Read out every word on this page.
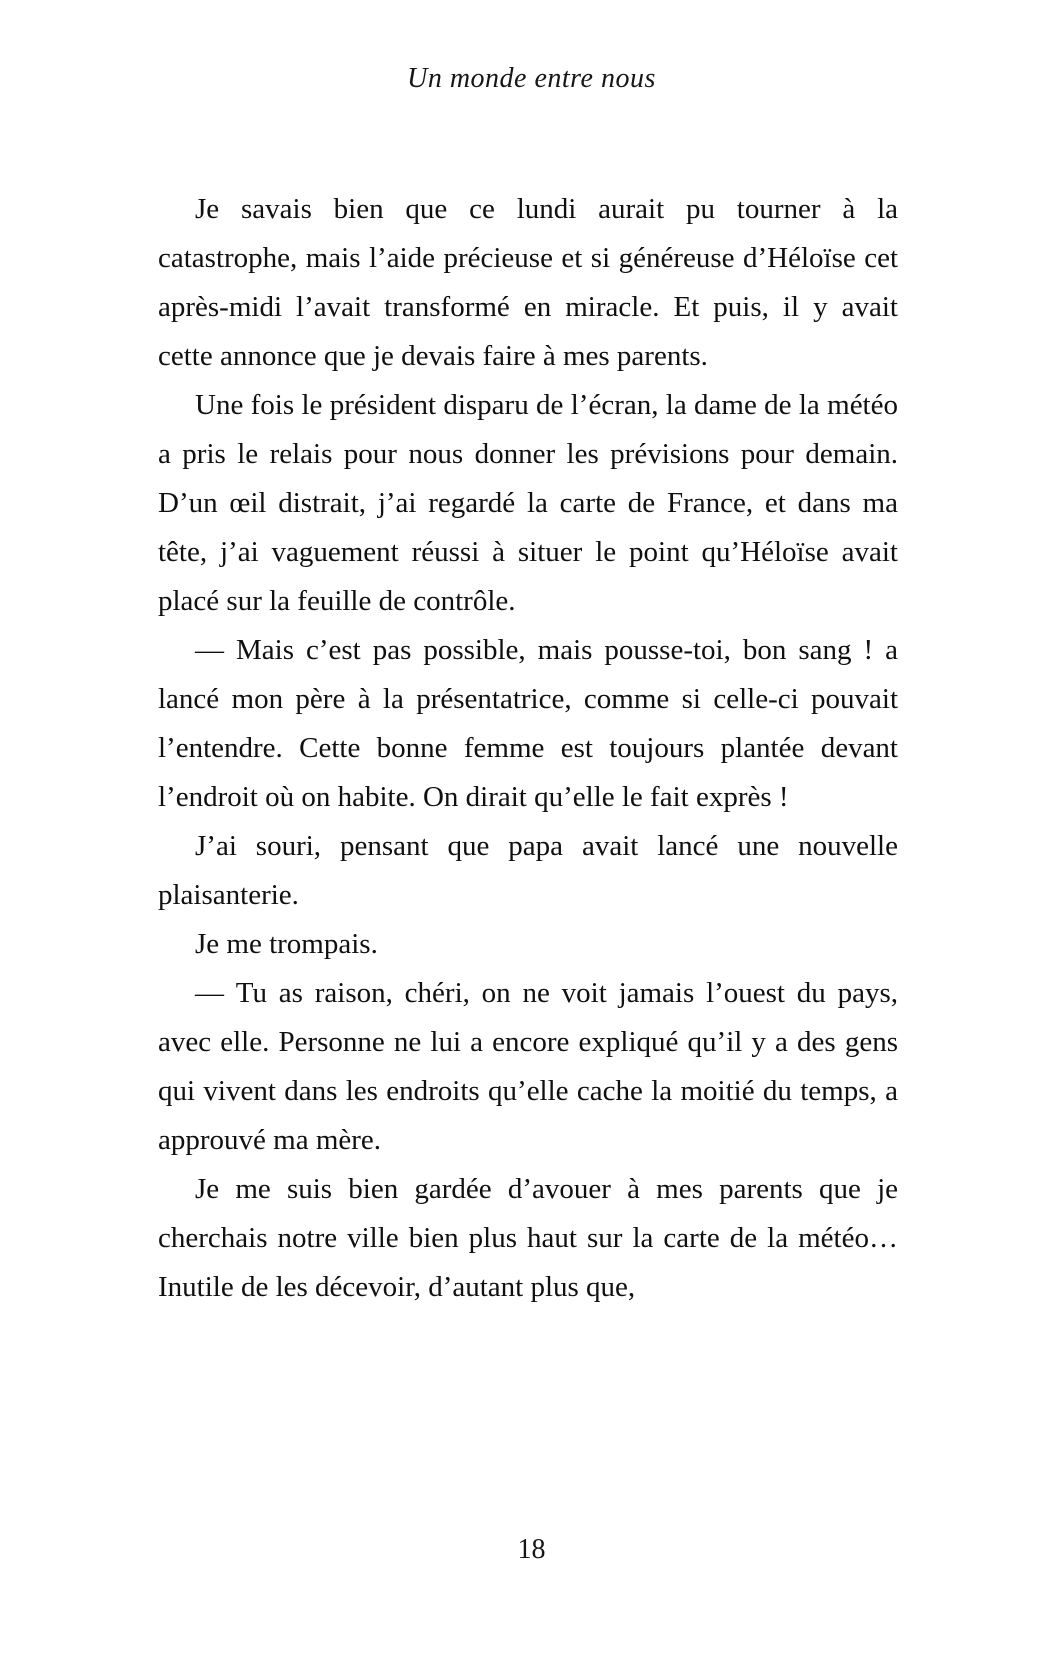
Un monde entre nous

Je savais bien que ce lundi aurait pu tourner à la catastrophe, mais l’aide précieuse et si généreuse d’Héloïse cet après-midi l’avait transformé en miracle. Et puis, il y avait cette annonce que je devais faire à mes parents.

Une fois le président disparu de l’écran, la dame de la météo a pris le relais pour nous donner les prévisions pour demain. D’un œil distrait, j’ai regardé la carte de France, et dans ma tête, j’ai vaguement réussi à situer le point qu’Héloïse avait placé sur la feuille de contrôle.

— Mais c’est pas possible, mais pousse-toi, bon sang ! a lancé mon père à la présentatrice, comme si celle-ci pouvait l’entendre. Cette bonne femme est toujours plantée devant l’endroit où on habite. On dirait qu’elle le fait exprès !

J’ai souri, pensant que papa avait lancé une nouvelle plaisanterie.

Je me trompais.

— Tu as raison, chéri, on ne voit jamais l’ouest du pays, avec elle. Personne ne lui a encore expliqué qu’il y a des gens qui vivent dans les endroits qu’elle cache la moitié du temps, a approuvé ma mère.

Je me suis bien gardée d’avouer à mes parents que je cherchais notre ville bien plus haut sur la carte de la météo… Inutile de les décevoir, d’autant plus que,

18
